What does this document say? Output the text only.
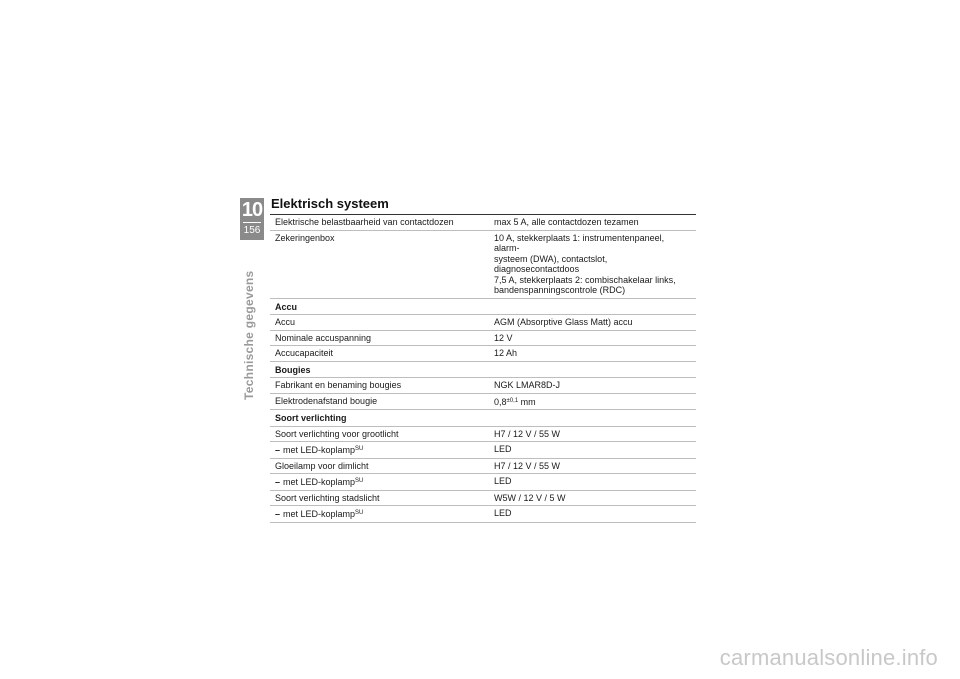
10
156
Technische gegevens
Elektrisch systeem
Elektrische belastbaarheid van contactdozen	max 5 A, alle contactdozen tezamen
Zekeringenbox	10 A, stekkerplaats 1: instrumentenpaneel, alarm-
systeem (DWA), contactslot, diagnosecontactdoos
7,5 A, stekkerplaats 2: combischakelaar links,
bandenspanningscontrole (RDC)

Accu	
Accu	AGM (Absorptive Glass Matt) accu
Nominale accuspanning	12 V
Accucapaciteit	12 Ah
Bougies	
Fabrikant en benaming bougies	NGK LMAR8D-J
Elektrodenafstand bougie	$0,8^{\pm 0,1}$ mm
Soort verlichting	
Soort verlichting voor grootlicht	H7 / 12 V / 55 W
– met LED-koplamp$^{SU}$	LED
Gloeilamp voor dimlicht	H7 / 12 V / 55 W
– met LED-koplamp$^{SU}$	LED
Soort verlichting stadslicht	W5W / 12 V / 5 W
– met LED-koplamp$^{SU}$	LED
carmanualsonline.info
